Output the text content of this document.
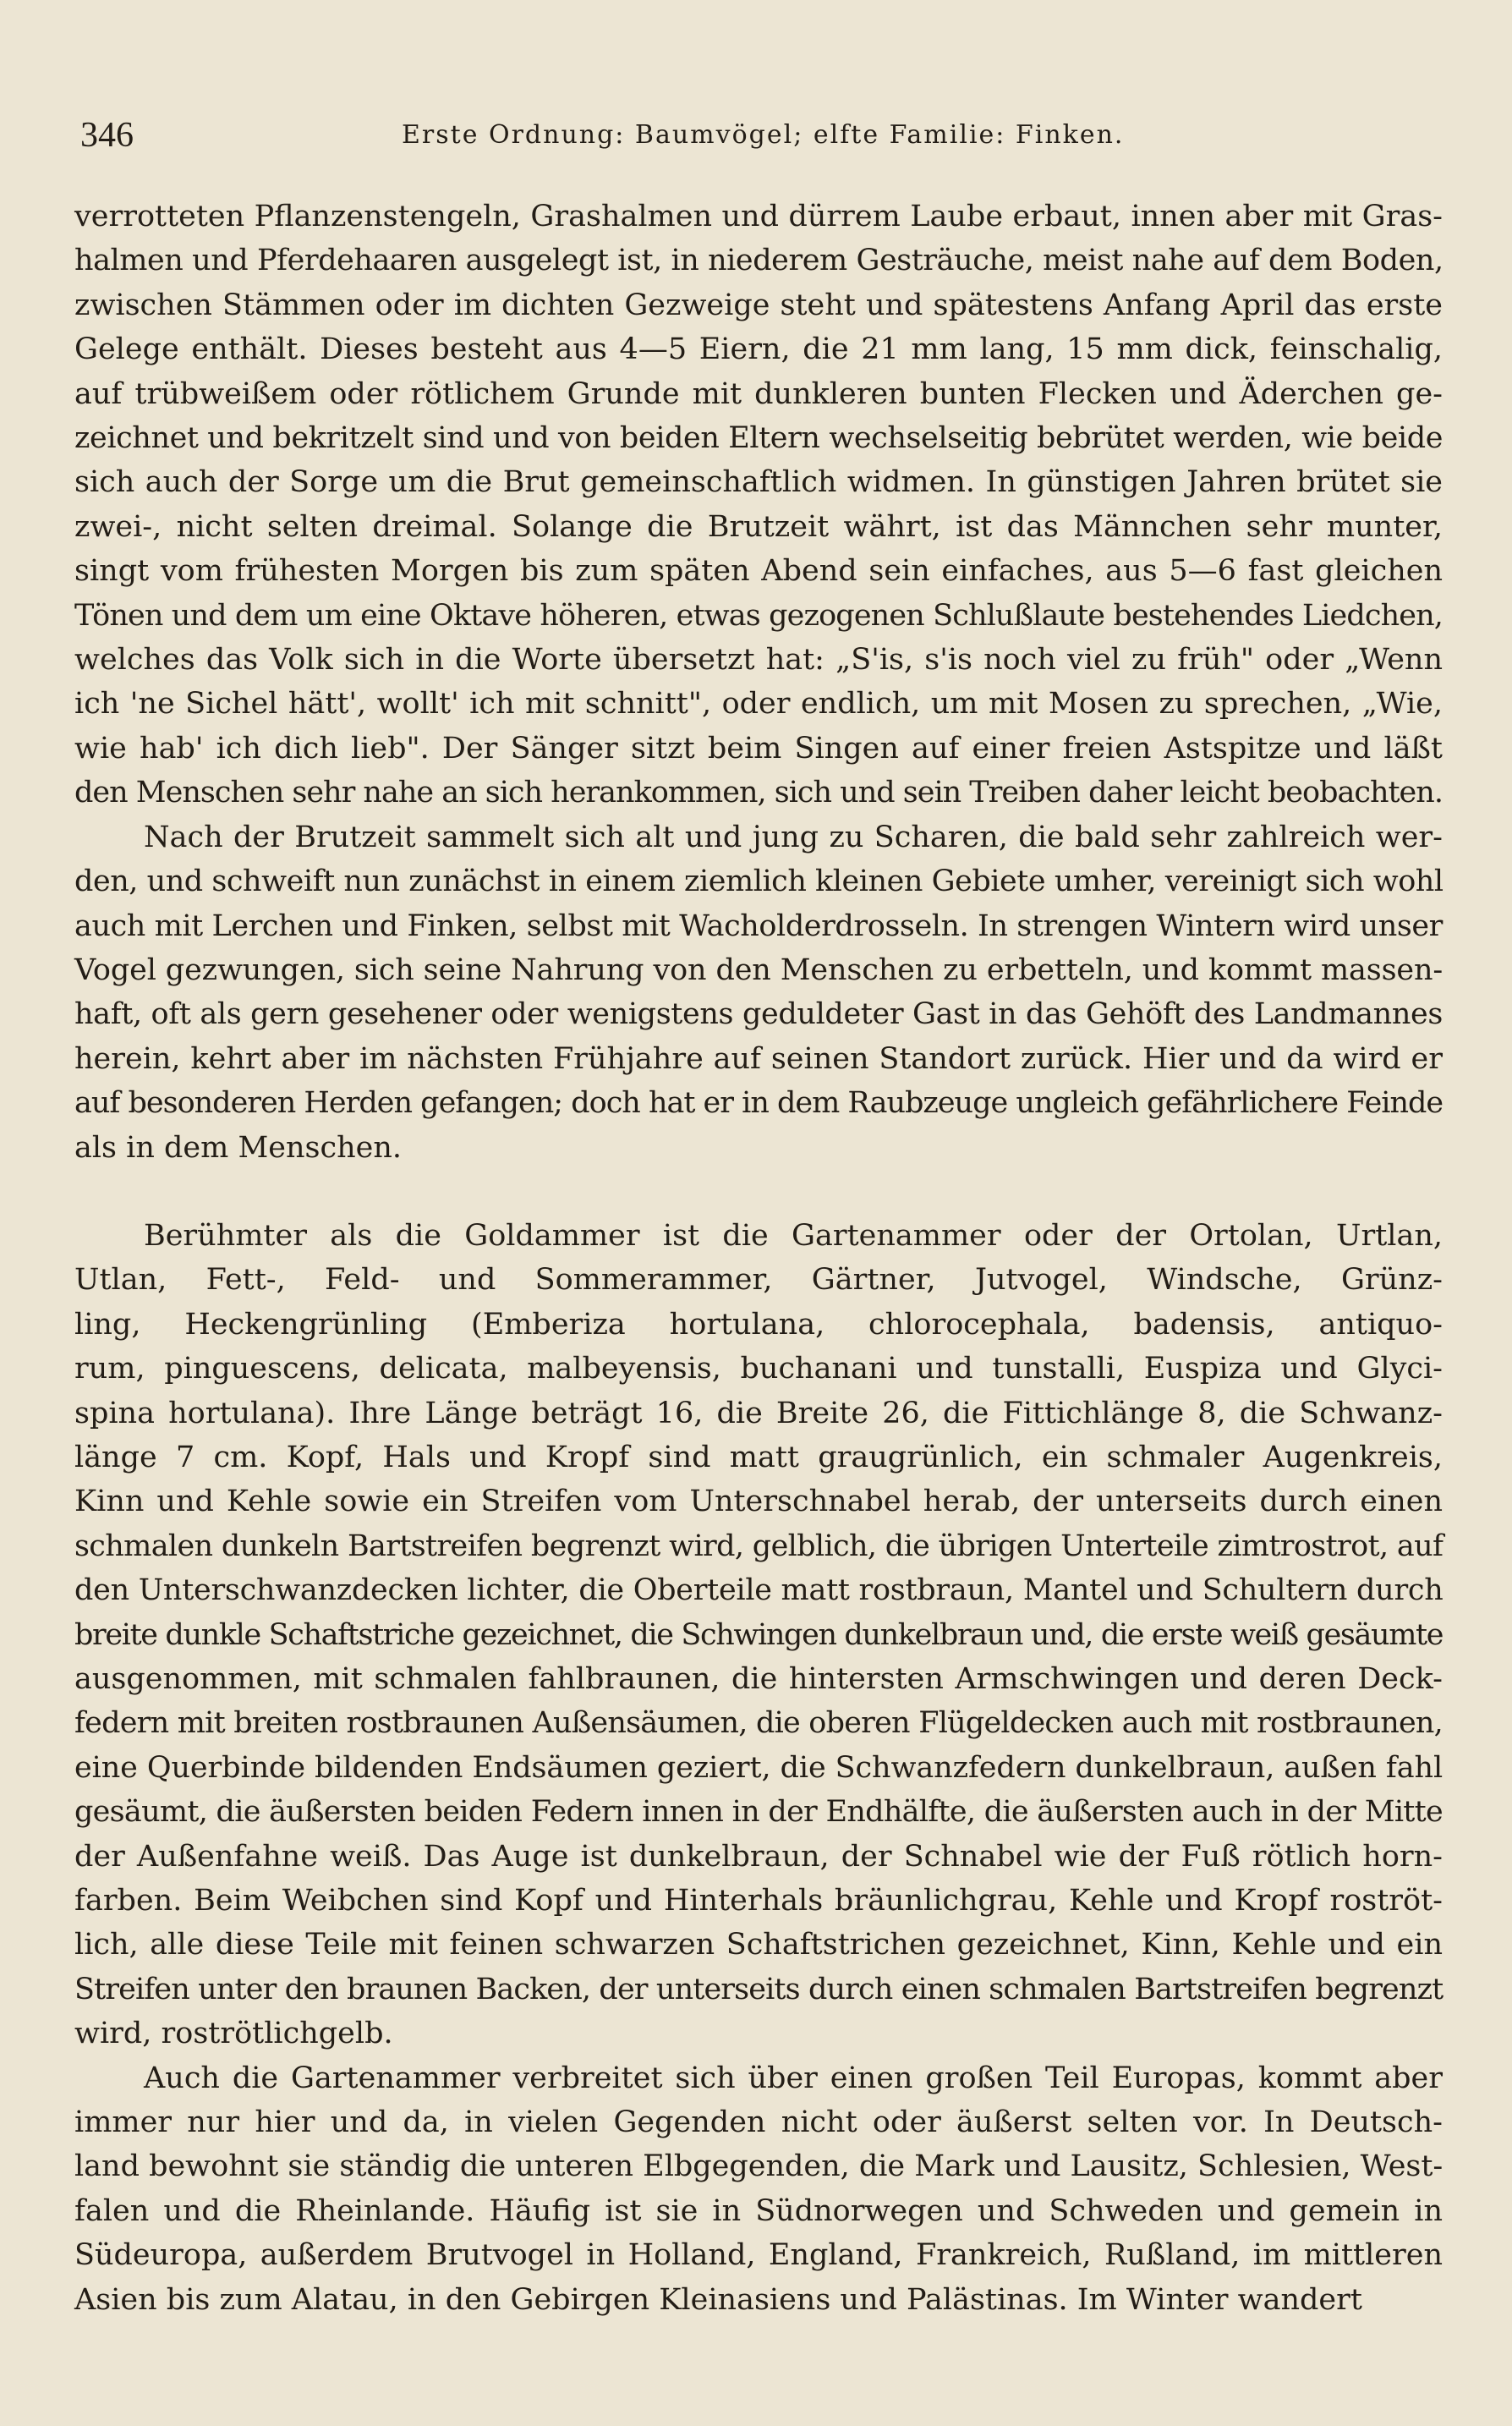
346	Erste Ordnung: Baumvögel; elfte Familie: Finken.
verrotteten Pflanzenstengeln, Grashalmen und dürrem Laube erbaut, innen aber mit Gras-
halmen und Pferdehaaren ausgelegt ist, in niederem Gesträuche, meist nahe auf dem Boden,
zwischen Stämmen oder im dichten Gezweige steht und spätestens Anfang April das erste
Gelege enthält. Dieses besteht aus 4—5 Eiern, die 21 mm lang, 15 mm dick, feinschalig,
auf trübweißem oder rötlichem Grunde mit dunkleren bunten Flecken und Äderchen ge-
zeichnet und bekritzelt sind und von beiden Eltern wechselseitig bebrütet werden, wie beide
sich auch der Sorge um die Brut gemeinschaftlich widmen. In günstigen Jahren brütet sie
zwei-, nicht selten dreimal. Solange die Brutzeit währt, ist das Männchen sehr munter,
singt vom frühesten Morgen bis zum späten Abend sein einfaches, aus 5—6 fast gleichen
Tönen und dem um eine Oktave höheren, etwas gezogenen Schlußlaute bestehendes Liedchen,
welches das Volk sich in die Worte übersetzt hat: „S'is, s'is noch viel zu früh" oder „Wenn
ich 'ne Sichel hätt', wollt' ich mit schnitt", oder endlich, um mit Mosen zu sprechen, „Wie,
wie hab' ich dich lieb". Der Sänger sitzt beim Singen auf einer freien Astspitze und läßt
den Menschen sehr nahe an sich herankommen, sich und sein Treiben daher leicht beobachten.
Nach der Brutzeit sammelt sich alt und jung zu Scharen, die bald sehr zahlreich wer-
den, und schweift nun zunächst in einem ziemlich kleinen Gebiete umher, vereinigt sich wohl
auch mit Lerchen und Finken, selbst mit Wacholderdrosseln. In strengen Wintern wird unser
Vogel gezwungen, sich seine Nahrung von den Menschen zu erbetteln, und kommt massen-
haft, oft als gern gesehener oder wenigstens geduldeter Gast in das Gehöft des Landmannes
herein, kehrt aber im nächsten Frühjahre auf seinen Standort zurück. Hier und da wird er
auf besonderen Herden gefangen; doch hat er in dem Raubzeuge ungleich gefährlichere Feinde
als in dem Menschen.
Berühmter als die Goldammer ist die Gartenammer oder der Ortolan, Urtlan,
Utlan, Fett-, Feld- und Sommerammer, Gärtner, Jutvogel, Windsche, Grünz-
ling, Heckengrünling (Emberiza hortulana, chlorocephala, badensis, antiquo-
rum, pinguescens, delicata, malbeyensis, buchanani und tunstalli, Euspiza und Glyci-
spina hortulana). Ihre Länge beträgt 16, die Breite 26, die Fittichlänge 8, die Schwanz-
länge 7 cm. Kopf, Hals und Kropf sind matt graugrünlich, ein schmaler Augenkreis,
Kinn und Kehle sowie ein Streifen vom Unterschnabel herab, der unterseits durch einen
schmalen dunkeln Bartstreifen begrenzt wird, gelblich, die übrigen Unterteile zimtrostrot, auf
den Unterschwanzdecken lichter, die Oberteile matt rostbraun, Mantel und Schultern durch
breite dunkle Schaftstriche gezeichnet, die Schwingen dunkelbraun und, die erste weiß gesäumte
ausgenommen, mit schmalen fahlbraunen, die hintersten Armschwingen und deren Deck-
federn mit breiten rostbraunen Außensäumen, die oberen Flügeldecken auch mit rostbraunen,
eine Querbinde bildenden Endsäumen geziert, die Schwanzfedern dunkelbraun, außen fahl
gesäumt, die äußersten beiden Federn innen in der Endhälfte, die äußersten auch in der Mitte
der Außenfahne weiß. Das Auge ist dunkelbraun, der Schnabel wie der Fuß rötlich horn-
farben. Beim Weibchen sind Kopf und Hinterhals bräunlichgrau, Kehle und Kropf roströt-
lich, alle diese Teile mit feinen schwarzen Schaftstrichen gezeichnet, Kinn, Kehle und ein
Streifen unter den braunen Backen, der unterseits durch einen schmalen Bartstreifen begrenzt
wird, roströtlichgelb.
Auch die Gartenammer verbreitet sich über einen großen Teil Europas, kommt aber
immer nur hier und da, in vielen Gegenden nicht oder äußerst selten vor. In Deutsch-
land bewohnt sie ständig die unteren Elbgegenden, die Mark und Lausitz, Schlesien, West-
falen und die Rheinlande. Häufig ist sie in Südnorwegen und Schweden und gemein in
Südeuropa, außerdem Brutvogel in Holland, England, Frankreich, Rußland, im mittleren
Asien bis zum Alatau, in den Gebirgen Kleinasiens und Palästinas. Im Winter wandert
